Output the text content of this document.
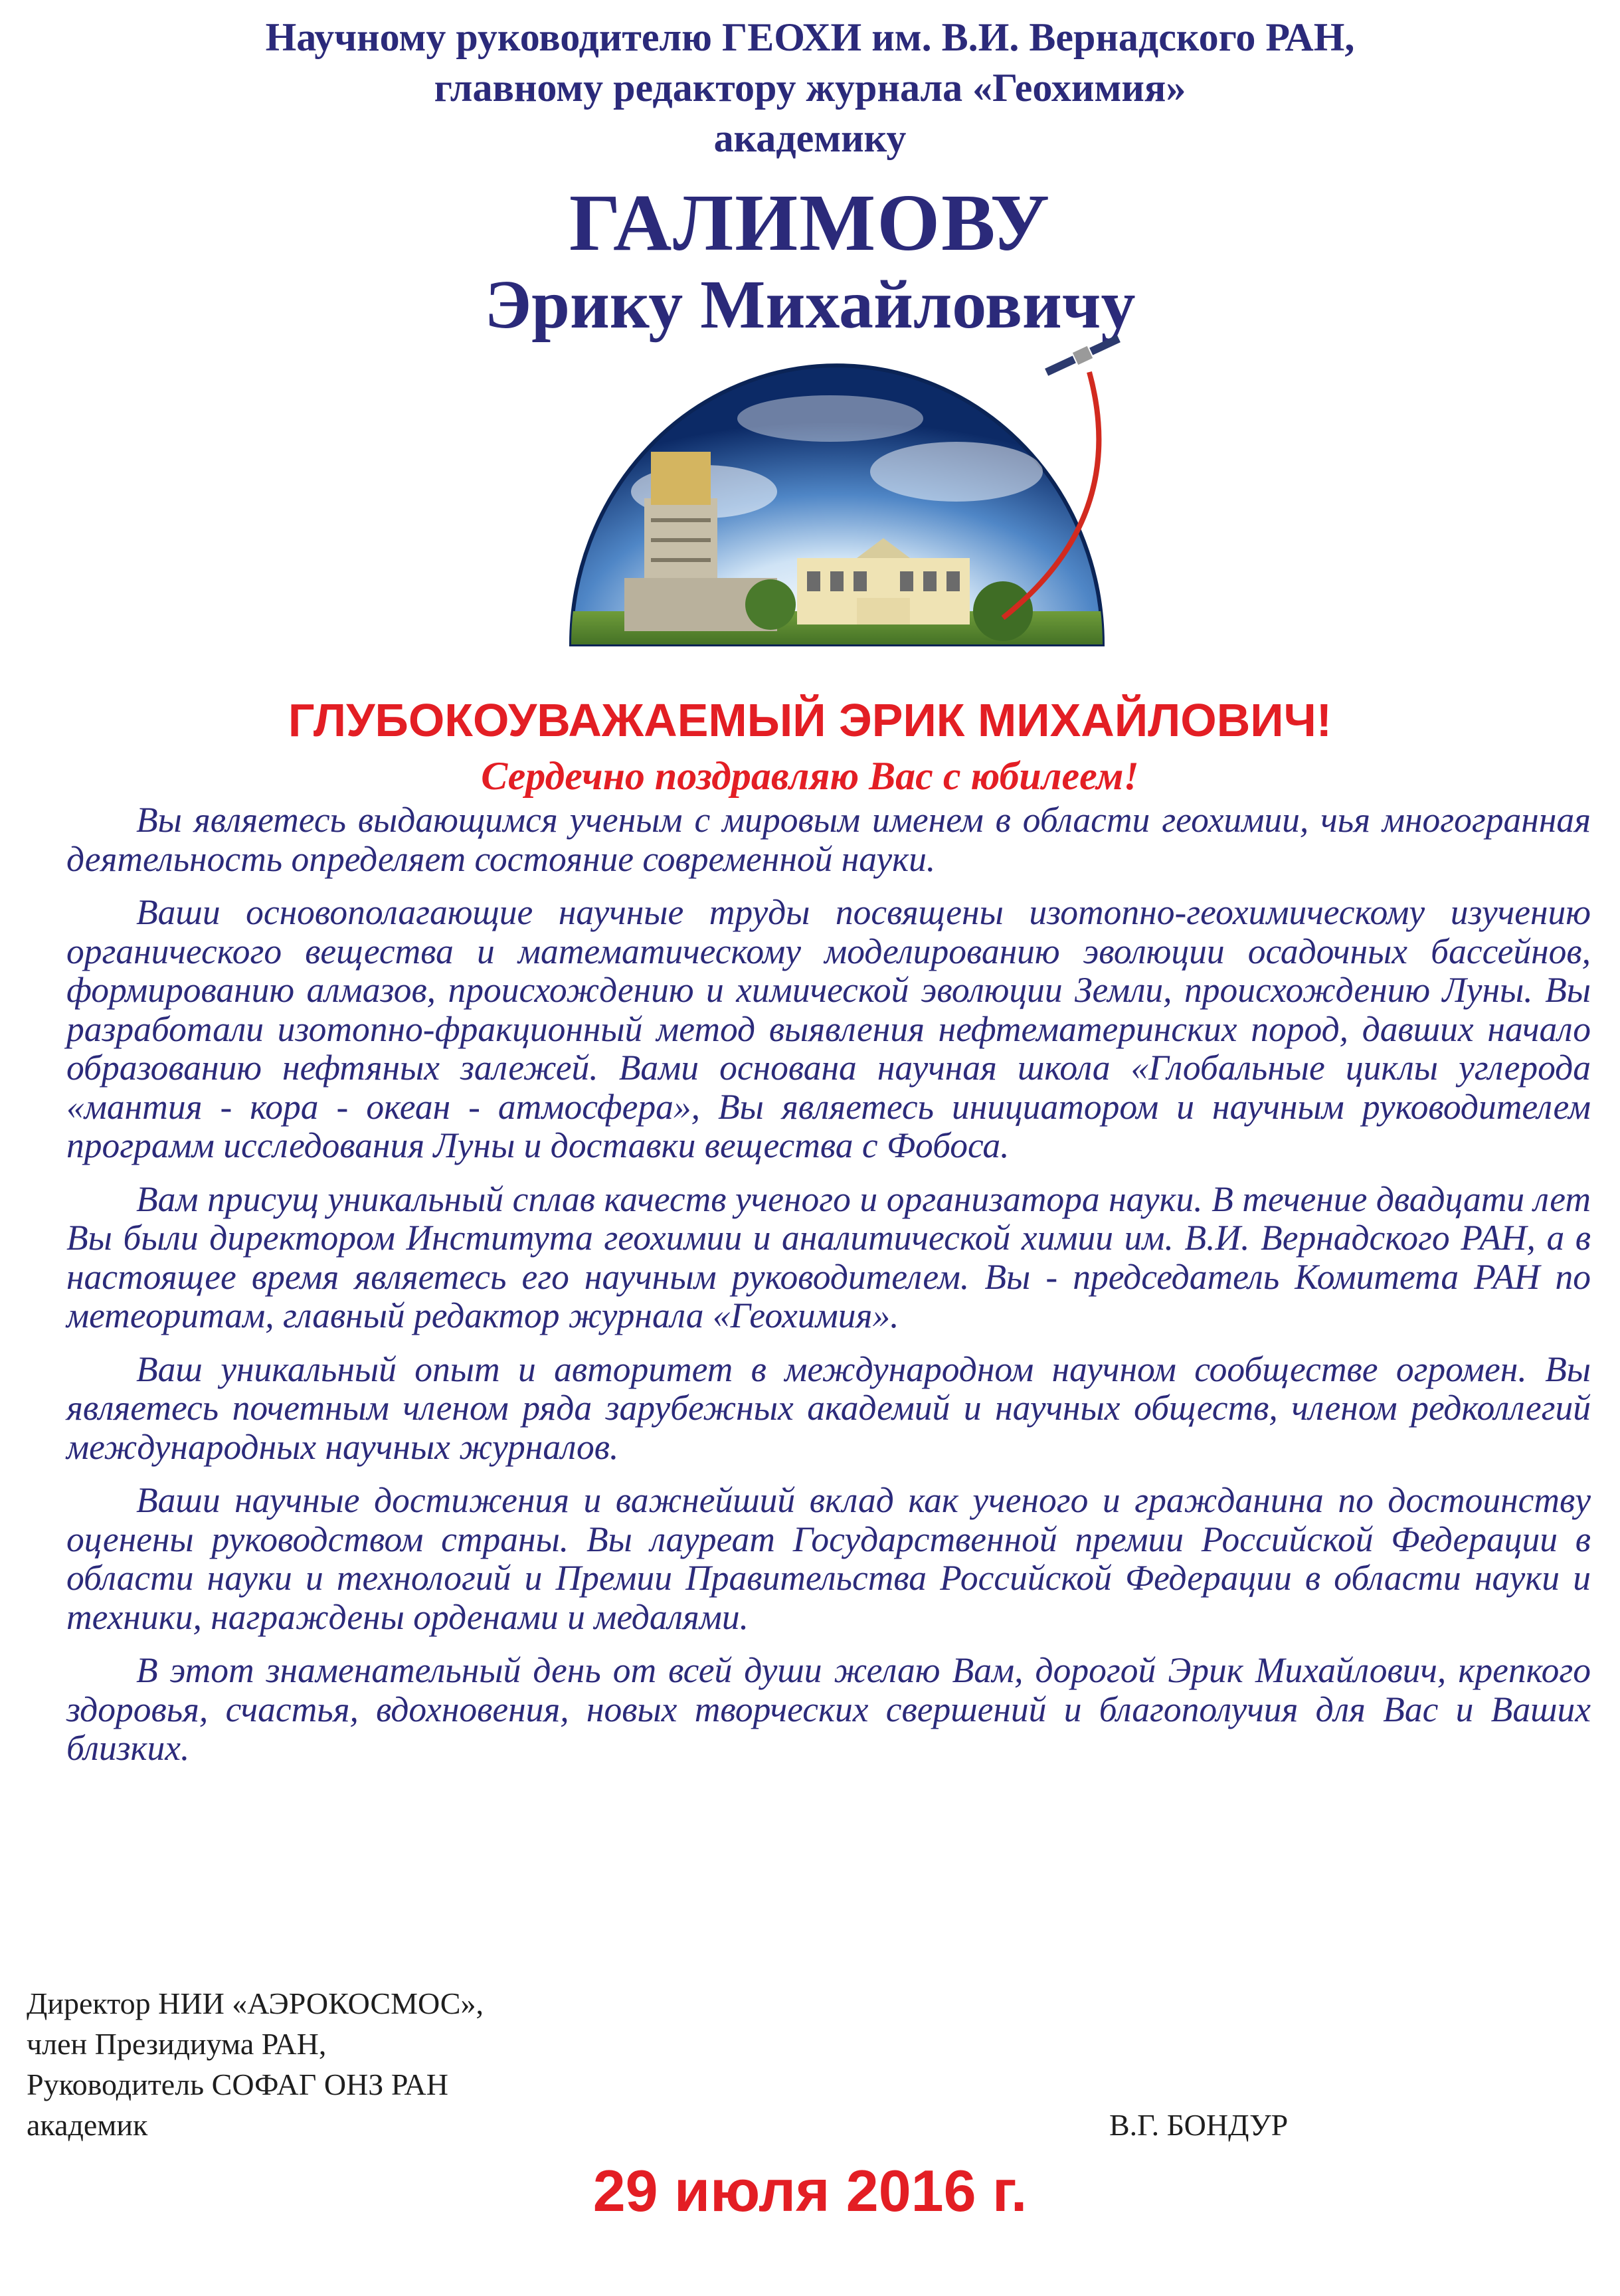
Научному руководителю ГЕОХИ им. В.И. Вернадского РАН,
главному редактору журнала «Геохимия»
академику
ГАЛИМОВУ
Эрику Михайловичу
ГЛУБОКОУВАЖАЕМЫЙ ЭРИК МИХАЙЛОВИЧ!
Сердечно поздравляю Вас с юбилеем!

Вы являетесь выдающимся ученым с мировым именем в области геохимии, чья многогранная деятельность определяет состояние современной науки.

Ваши основополагающие научные труды посвящены изотопно-геохимическому изучению органического вещества и математическому моделированию эволюции осадочных бассейнов, формированию алмазов, происхождению и химической эволюции Земли, происхождению Луны. Вы разработали изотопно-фракционный метод выявления нефтематеринских пород, давших начало образованию нефтяных залежей. Вами основана научная школа «Глобальные циклы углерода «мантия - кора - океан - атмосфера», Вы являетесь инициатором и научным руководителем программ исследования Луны и доставки вещества с Фобоса.

Вам присущ уникальный сплав качеств ученого и организатора науки. В течение двадцати лет Вы были директором Института геохимии и аналитической химии им. В.И. Вернадского РАН, а в настоящее время являетесь его научным руководителем. Вы - председатель Комитета РАН по метеоритам, главный редактор журнала «Геохимия».

Ваш уникальный опыт и авторитет в международном научном сообществе огромен. Вы являетесь почетным членом ряда зарубежных академий и научных обществ, членом редколлегий международных научных журналов.

Ваши научные достижения и важнейший вклад как ученого и гражданина по достоинству оценены руководством страны. Вы лауреат Государственной премии Российской Федерации в области науки и технологий и Премии Правительства Российской Федерации в области науки и техники, награждены орденами и медалями.

В этот знаменательный день от всей души желаю Вам, дорогой Эрик Михайлович, крепкого здоровья, счастья, вдохновения, новых творческих свершений и благополучия для Вас и Ваших близких.

Директор НИИ «АЭРОКОСМОС»,
член Президиума РАН,
Руководитель СОФАГ ОНЗ РАН
академик	В.Г. БОНДУР
29 июля 2016 г.
